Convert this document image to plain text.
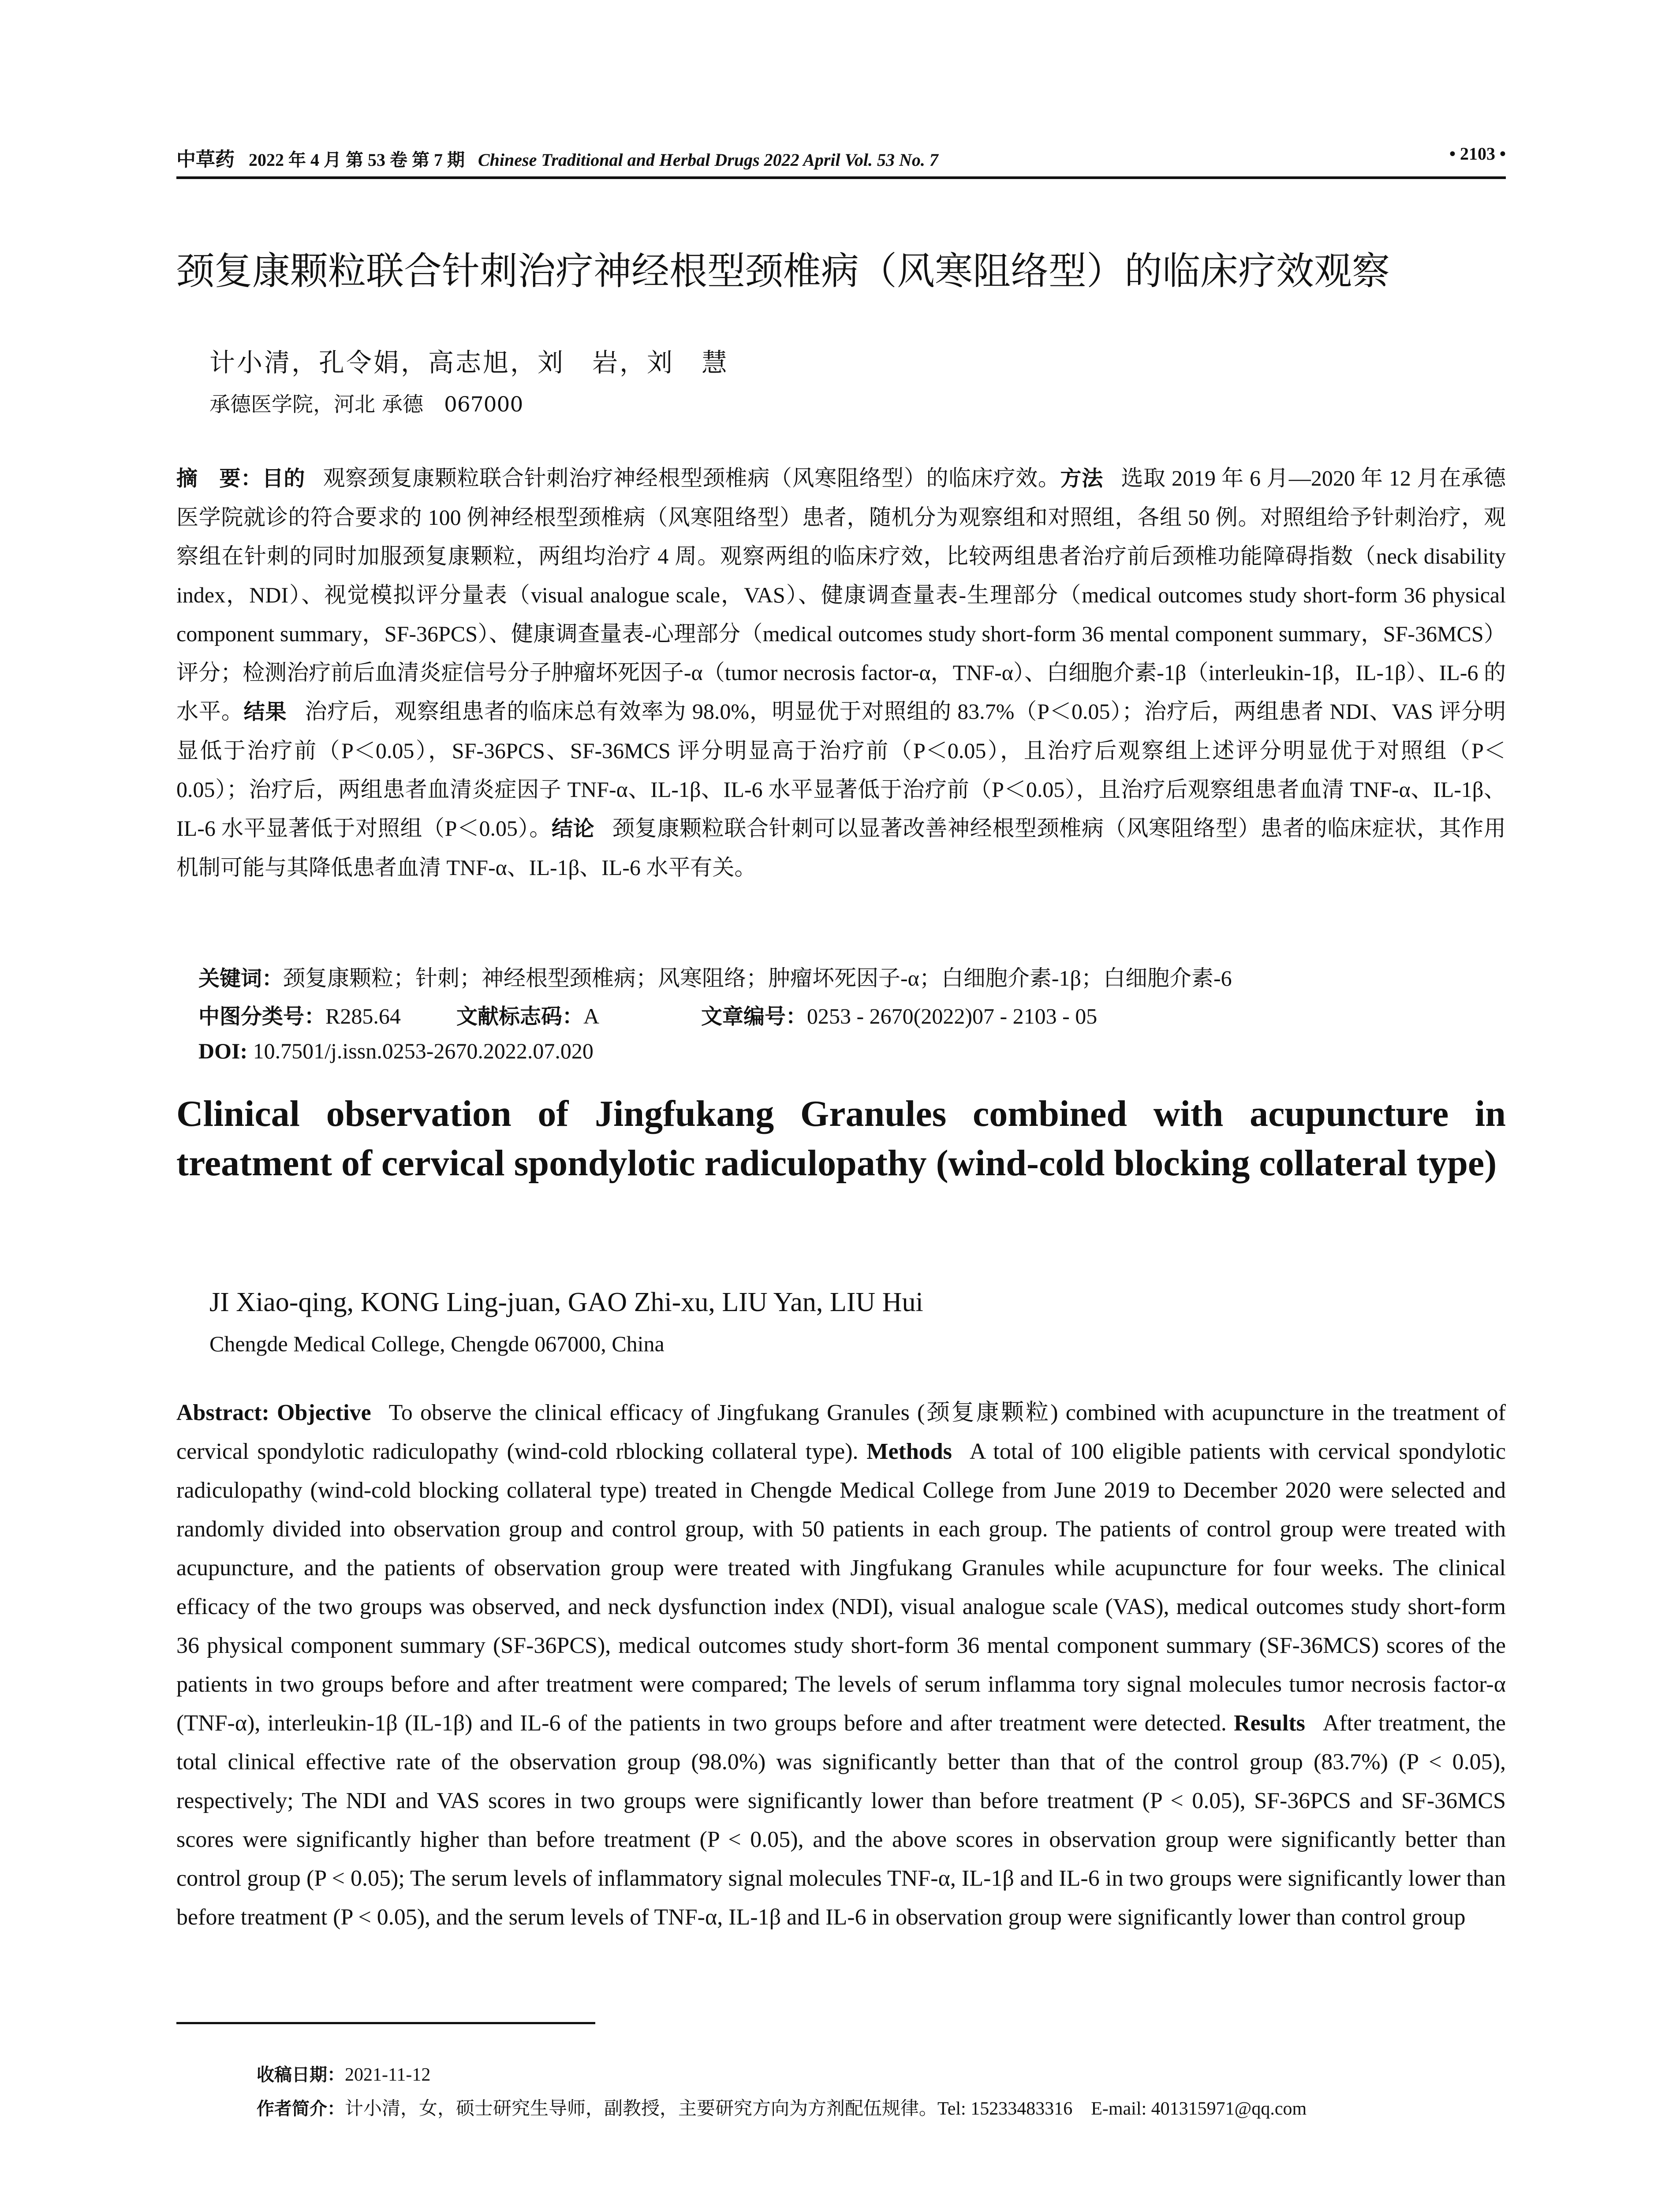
中草药 2022 年 4 月 第 53 卷 第 7 期 Chinese Traditional and Herbal Drugs 2022 April Vol. 53 No. 7	• 2103 •
颈复康颗粒联合针刺治疗神经根型颈椎病（风寒阻络型）的临床疗效观察
计小清，孔令娟，高志旭，刘　岩，刘　慧
承德医学院，河北 承德　067000
摘　要：目的 观察颈复康颗粒联合针刺治疗神经根型颈椎病（风寒阻络型）的临床疗效。方法 选取 2019 年 6 月—2020 年 12 月在承德医学院就诊的符合要求的 100 例神经根型颈椎病（风寒阻络型）患者，随机分为观察组和对照组，各组 50 例。对照组给予针刺治疗，观察组在针刺的同时加服颈复康颗粒，两组均治疗 4 周。观察两组的临床疗效，比较两组患者治疗前后颈椎功能障碍指数（neck disability index，NDI）、视觉模拟评分量表（visual analogue scale，VAS）、健康调查量表-生理部分（medical outcomes study short-form 36 physical component summary，SF-36PCS）、健康调查量表-心理部分（medical outcomes study short-form 36 mental component summary，SF-36MCS）评分；检测治疗前后血清炎症信号分子肿瘤坏死因子-α（tumor necrosis factor-α，TNF-α）、白细胞介素-1β（interleukin-1β，IL-1β）、IL-6 的水平。结果 治疗后，观察组患者的临床总有效率为 98.0%，明显优于对照组的 83.7%（P＜0.05）；治疗后，两组患者 NDI、VAS 评分明显低于治疗前（P＜0.05），SF-36PCS、SF-36MCS 评分明显高于治疗前（P＜0.05），且治疗后观察组上述评分明显优于对照组（P＜0.05）；治疗后，两组患者血清炎症因子 TNF-α、IL-1β、IL-6 水平显著低于治疗前（P＜0.05），且治疗后观察组患者血清 TNF-α、IL-1β、IL-6 水平显著低于对照组（P＜0.05）。结论 颈复康颗粒联合针刺可以显著改善神经根型颈椎病（风寒阻络型）患者的临床症状，其作用机制可能与其降低患者血清 TNF-α、IL-1β、IL-6 水平有关。

关键词：颈复康颗粒；针刺；神经根型颈椎病；风寒阻络；肿瘤坏死因子-α；白细胞介素-1β；白细胞介素-6

中图分类号：R285.64	文献标志码：A	文章编号：0253 - 2670(2022)07 - 2103 - 05

DOI: 10.7501/j.issn.0253-2670.2022.07.020

Clinical observation of Jingfukang Granules combined with acupuncture in treatment of cervical spondylotic radiculopathy (wind-cold blocking collateral type)
JI Xiao-qing, KONG Ling-juan, GAO Zhi-xu, LIU Yan, LIU Hui
Chengde Medical College, Chengde 067000, China
Abstract: Objective To observe the clinical efficacy of Jingfukang Granules (颈复康颗粒) combined with acupuncture in the treatment of cervical spondylotic radiculopathy (wind-cold rblocking collateral type). Methods A total of 100 eligible patients with cervical spondylotic radiculopathy (wind-cold blocking collateral type) treated in Chengde Medical College from June 2019 to December 2020 were selected and randomly divided into observation group and control group, with 50 patients in each group. The patients of control group were treated with acupuncture, and the patients of observation group were treated with Jingfukang Granules while acupuncture for four weeks. The clinical efficacy of the two groups was observed, and neck dysfunction index (NDI), visual analogue scale (VAS), medical outcomes study short-form 36 physical component summary (SF-36PCS), medical outcomes study short-form 36 mental component summary (SF-36MCS) scores of the patients in two groups before and after treatment were compared; The levels of serum inflamma tory signal molecules tumor necrosis factor-α (TNF-α), interleukin-1β (IL-1β) and IL-6 of the patients in two groups before and after treatment were detected. Results After treatment, the total clinical effective rate of the observation group (98.0%) was significantly better than that of the control group (83.7%) (P < 0.05), respectively; The NDI and VAS scores in two groups were significantly lower than before treatment (P < 0.05), SF-36PCS and SF-36MCS scores were significantly higher than before treatment (P < 0.05), and the above scores in observation group were significantly better than control group (P < 0.05); The serum levels of inflammatory signal molecules TNF-α, IL-1β and IL-6 in two groups were significantly lower than before treatment (P < 0.05), and the serum levels of TNF-α, IL-1β and IL-6 in observation group were significantly lower than control group

收稿日期：2021-11-12

作者简介：计小清，女，硕士研究生导师，副教授，主要研究方向为方剂配伍规律。Tel: 15233483316　E-mail: 401315971@qq.com
